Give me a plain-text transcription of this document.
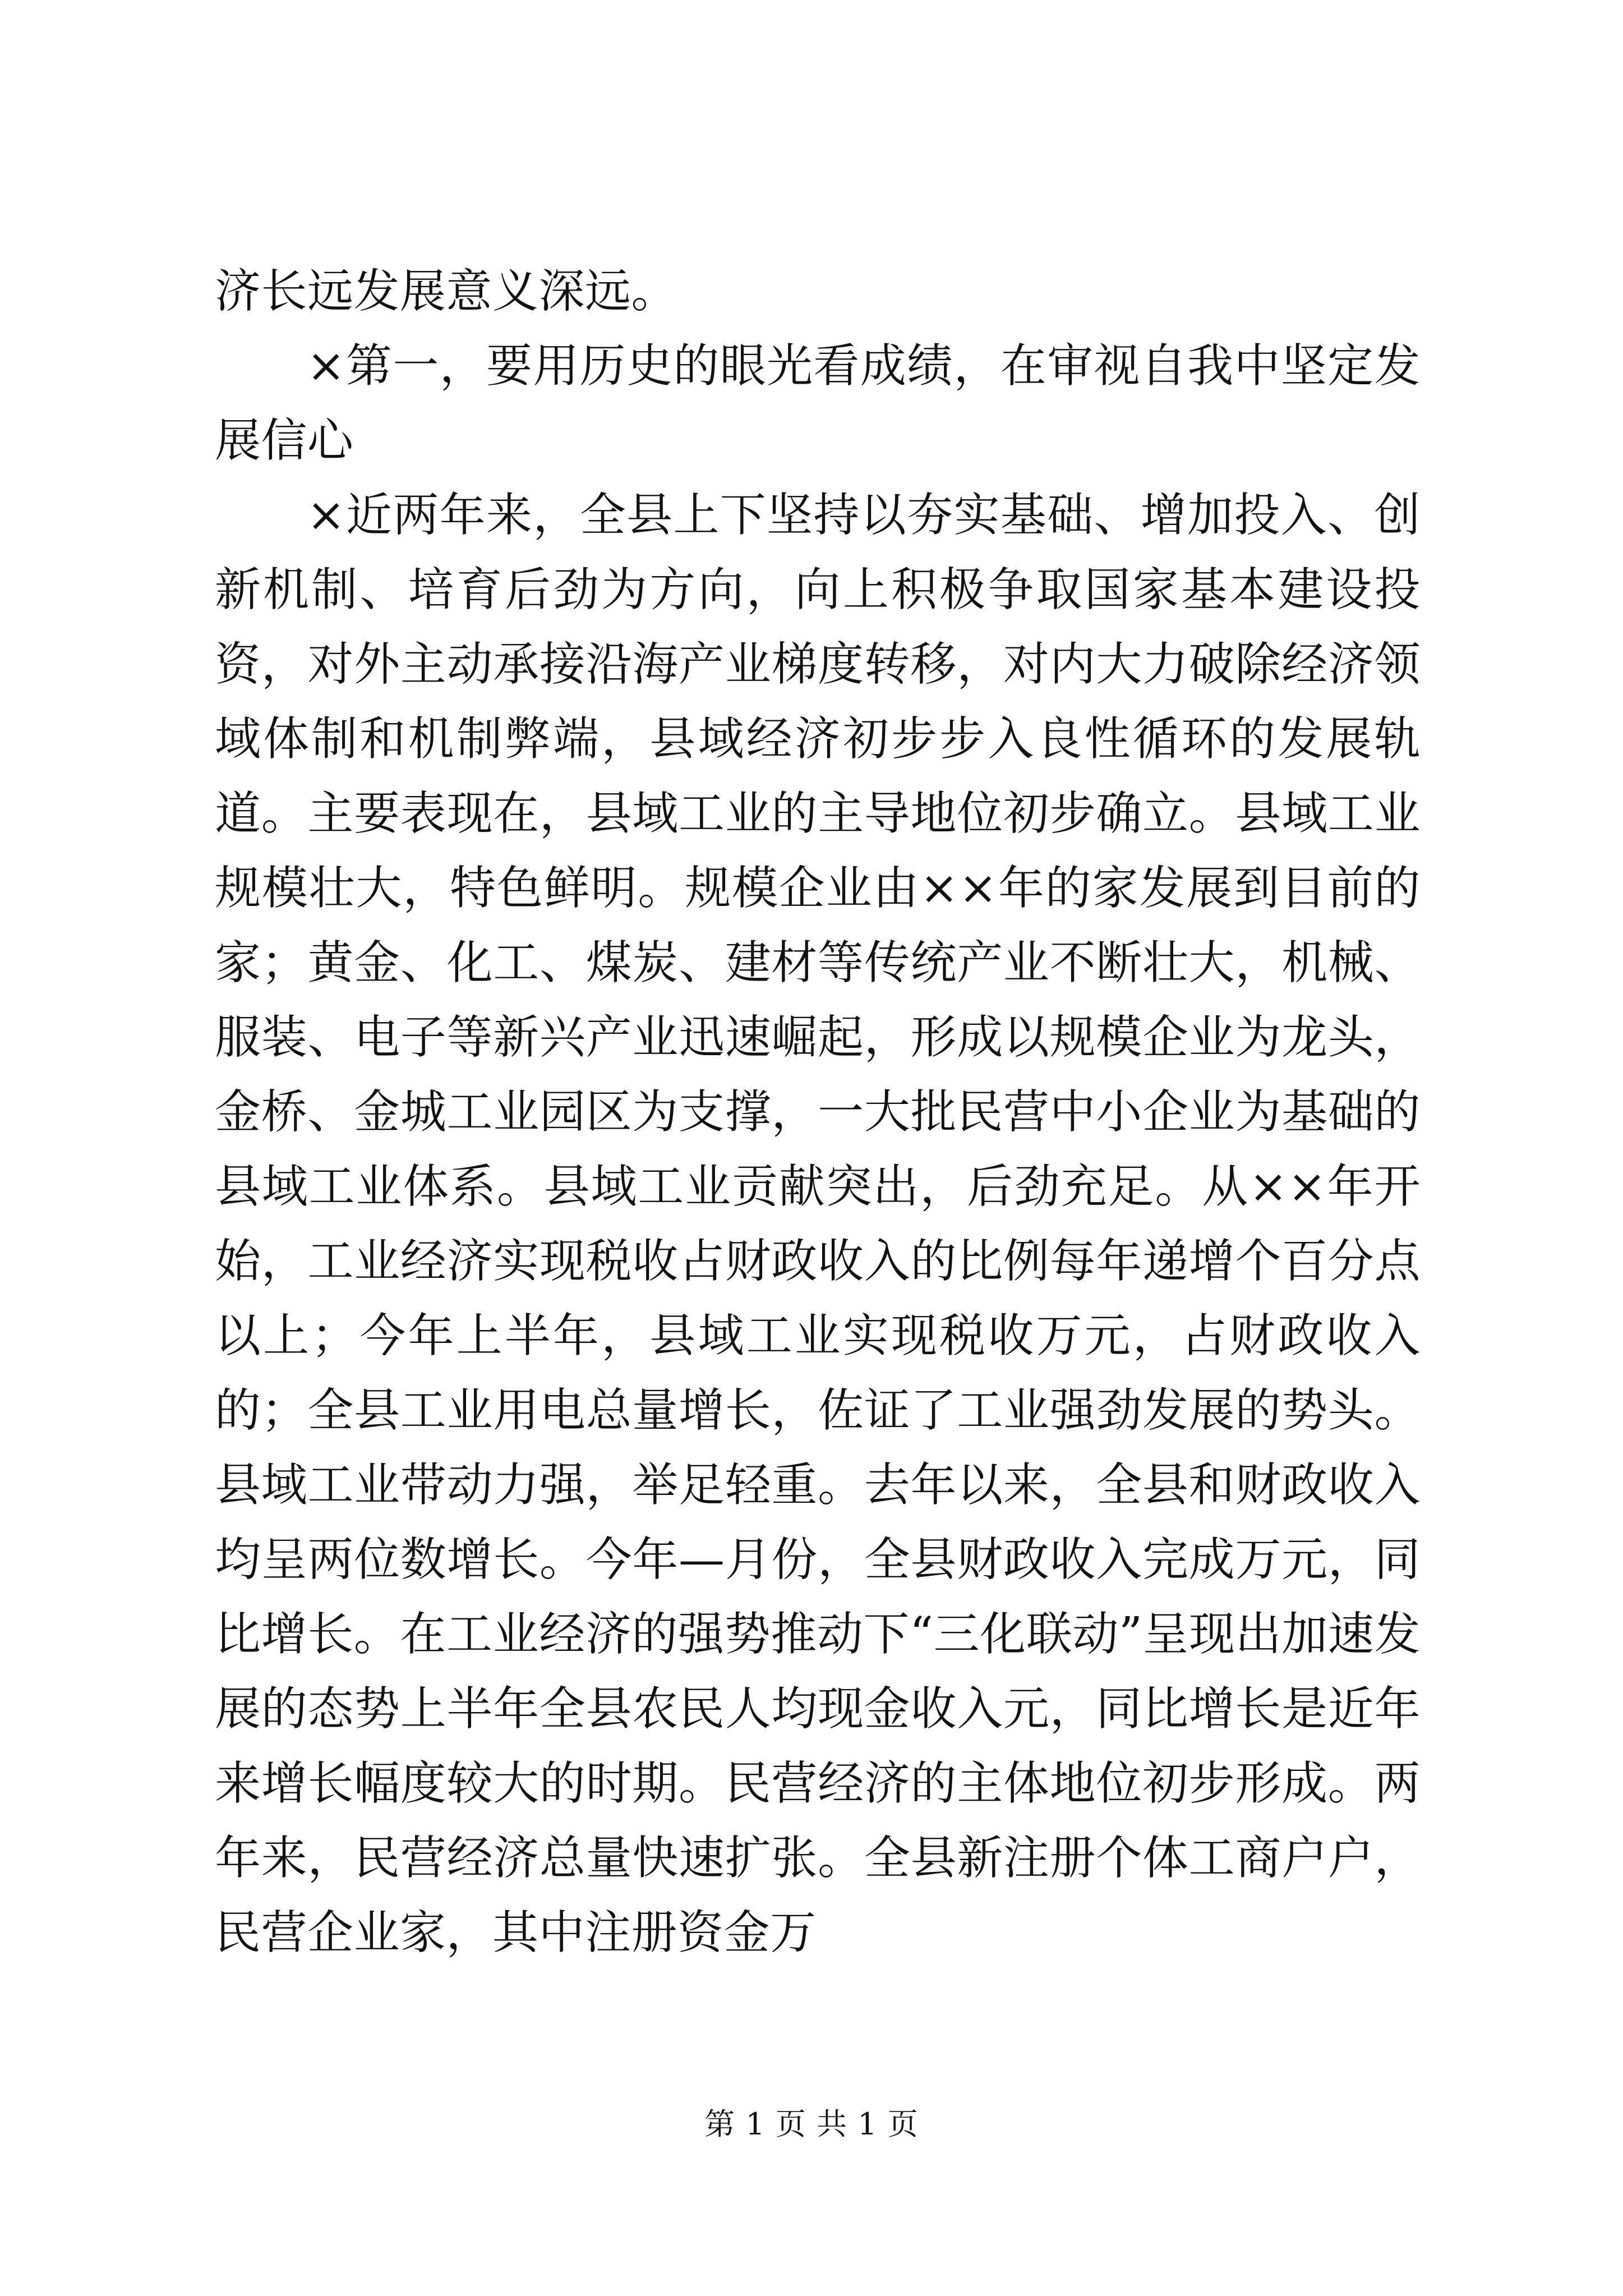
济长远发展意义深远。

×第一，要用历史的眼光看成绩，在审视自我中坚定发展信心

×近两年来，全县上下坚持以夯实基础、增加投入、创新机制、培育后劲为方向，向上积极争取国家基本建设投资，对外主动承接沿海产业梯度转移，对内大力破除经济领域体制和机制弊端，县域经济初步步入良性循环的发展轨道。主要表现在，县域工业的主导地位初步确立。县域工业规模壮大，特色鲜明。规模企业由××年的家发展到目前的家；黄金、化工、煤炭、建材等传统产业不断壮大，机械、服装、电子等新兴产业迅速崛起，形成以规模企业为龙头，金桥、金城工业园区为支撑，一大批民营中小企业为基础的县域工业体系。县域工业贡献突出，后劲充足。从××年开始，工业经济实现税收占财政收入的比例每年递增个百分点以上；今年上半年，县域工业实现税收万元，占财政收入的；全县工业用电总量增长，佐证了工业强劲发展的势头。县域工业带动力强，举足轻重。去年以来，全县和财政收入均呈两位数增长。今年—月份，全县财政收入完成万元，同比增长。在工业经济的强势推动下“三化联动”呈现出加速发展的态势上半年全县农民人均现金收入元，同比增长是近年来增长幅度较大的时期。民营经济的主体地位初步形成。两年来，民营经济总量快速扩张。全县新注册个体工商户户，民营企业家，其中注册资金万

第 1 页 共 1 页
